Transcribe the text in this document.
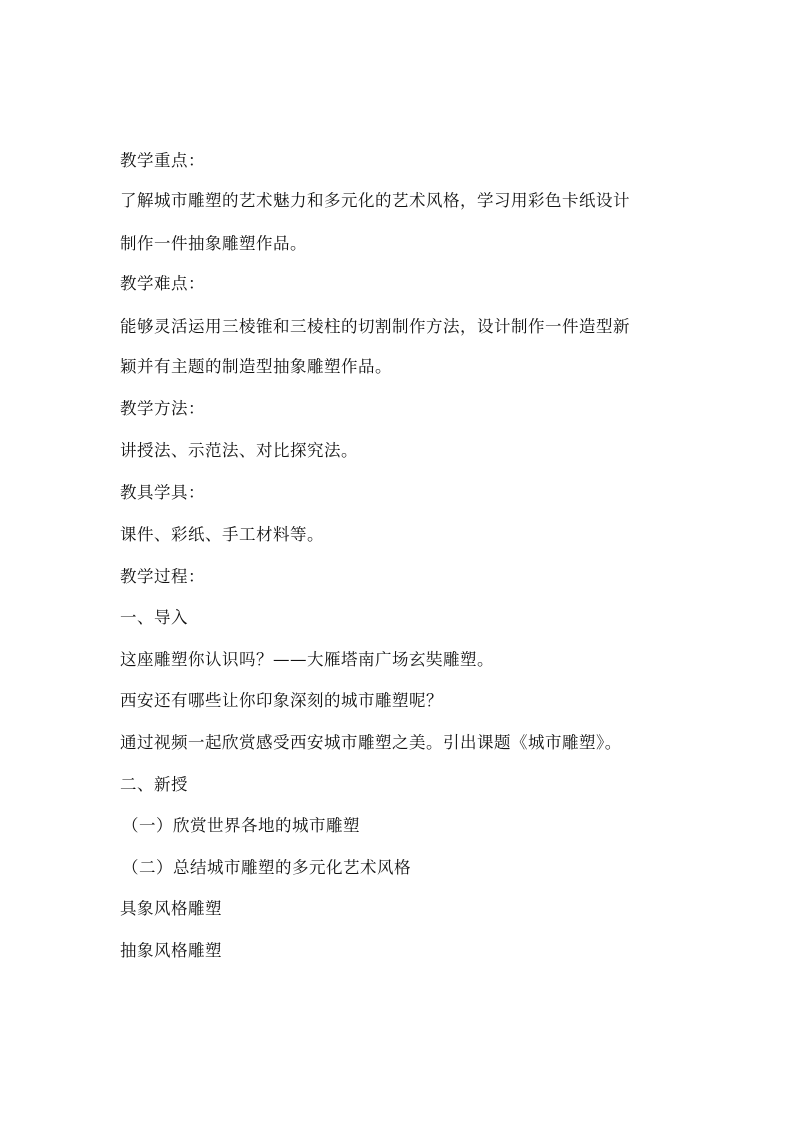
教学重点：
了解城市雕塑的艺术魅力和多元化的艺术风格，学习用彩色卡纸设计
制作一件抽象雕塑作品。
教学难点：
能够灵活运用三棱锥和三棱柱的切割制作方法，设计制作一件造型新
颖并有主题的制造型抽象雕塑作品。
教学方法：
讲授法、示范法、对比探究法。
教具学具：
课件、彩纸、手工材料等。
教学过程：
一、导入
这座雕塑你认识吗？——大雁塔南广场玄奘雕塑。
西安还有哪些让你印象深刻的城市雕塑呢？
通过视频一起欣赏感受西安城市雕塑之美。引出课题《城市雕塑》。
二、新授
（一）欣赏世界各地的城市雕塑
（二）总结城市雕塑的多元化艺术风格
具象风格雕塑
抽象风格雕塑
